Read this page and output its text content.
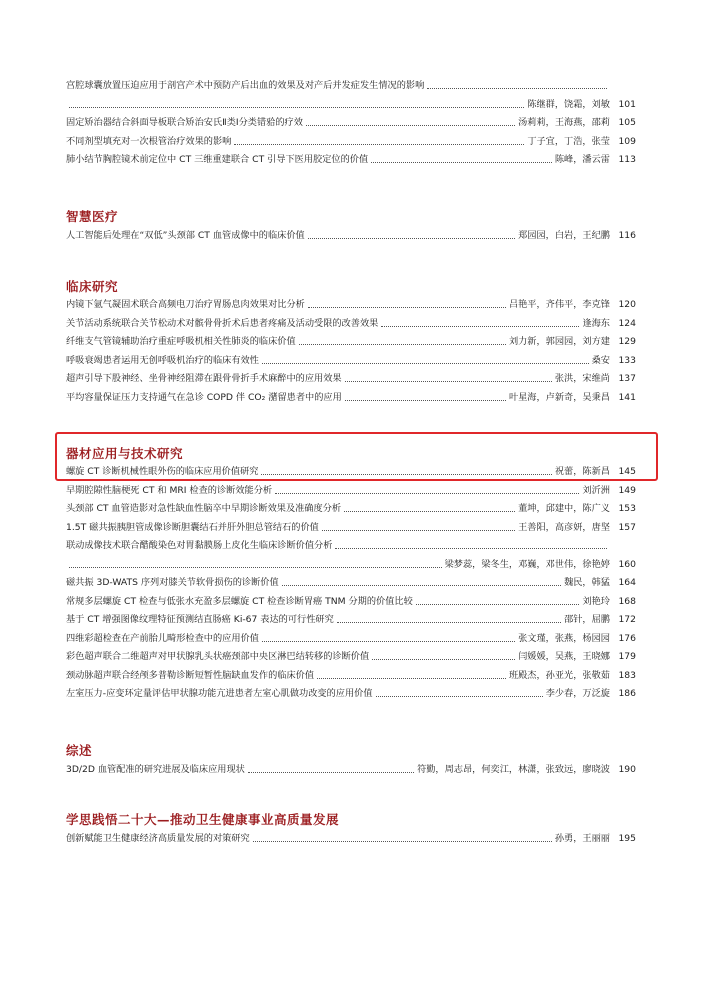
宫腔球囊放置压迫应用于剖宫产术中预防产后出血的效果及对产后并发症发生情况的影响
陈继群，饶霜，刘敏 101
固定矫治器结合斜面导板联合矫治安氏Ⅱ类Ⅰ分类错𬌗的疗效	汤莉莉，王海燕，邵莉 105
不同剂型填充对一次根管治疗效果的影响	丁子宜，丁浩，张莹 109
肺小结节胸腔镜术前定位中 CT 三维重建联合 CT 引导下医用胶定位的价值	陈峰，潘云雷 113
智慧医疗
人工智能后处理在“双低”头颈部 CT 血管成像中的临床价值	郑园园，白岩，王纪鹏 116
临床研究
内镜下氩气凝固术联合高频电刀治疗胃肠息肉效果对比分析	吕艳平，齐伟平，李克锋 120
关节活动系统联合关节松动术对髌骨骨折术后患者疼痛及活动受限的改善效果	逢海东 124
纤维支气管镜辅助治疗重症呼吸机相关性肺炎的临床价值	刘力新，郭园园，刘方建 129
呼吸衰竭患者运用无创呼吸机治疗的临床有效性	桑安 133
超声引导下股神经、坐骨神经阻滞在跟骨骨折手术麻醉中的应用效果	张洪，宋维尚 137
平均容量保证压力支持通气在急诊 COPD 伴 CO₂ 潴留患者中的应用	叶星海，卢新奇，吴秉昌 141
器材应用与技术研究
螺旋 CT 诊断机械性眼外伤的临床应用价值研究	祝蕾，陈新昌 145
早期腔隙性脑梗死 CT 和 MRI 检查的诊断效能分析	刘沂洲 149
头颈部 CT 血管造影对急性缺血性脑卒中早期诊断效果及准确度分析	董坤，邱建中，陈广义 153
1.5T 磁共振胰胆管成像诊断胆囊结石并肝外胆总管结石的价值	王善阳，高彦妍，唐坚 157
联动成像技术联合醋酸染色对胃黏膜肠上皮化生临床诊断价值分析
梁梦蕊，梁冬生，邓巍，邓世伟，徐艳婷 160
磁共振 3D-WATS 序列对膝关节软骨损伤的诊断价值	魏民，韩猛 164
常规多层螺旋 CT 检查与低张水充盈多层螺旋 CT 检查诊断胃癌 TNM 分期的价值比较	刘艳玲 168
基于 CT 增强图像纹理特征预测结直肠癌 Ki-67 表达的可行性研究	邵针，屈鹏 172
四维彩超检查在产前胎儿畸形检查中的应用价值	张文瑾，张燕，杨园园 176
彩色超声联合二维超声对甲状腺乳头状癌颈部中央区淋巴结转移的诊断价值	闫媛媛，吴燕，王晓娜 179
颈动脉超声联合经颅多普勒诊断短暂性脑缺血发作的临床价值	班殿杰，孙亚光，张敬茹 183
左室压力-应变环定量评估甲状腺功能亢进患者左室心肌做功改变的应用价值	李少春，万泛旋 186
综述
3D/2D 血管配准的研究进展及临床应用现状	符勤，周志昂，何奕江，林潇，张致远，廖晓波 190
学思践悟二十大—推动卫生健康事业高质量发展
创新赋能卫生健康经济高质量发展的对策研究	孙勇，王丽丽 195
